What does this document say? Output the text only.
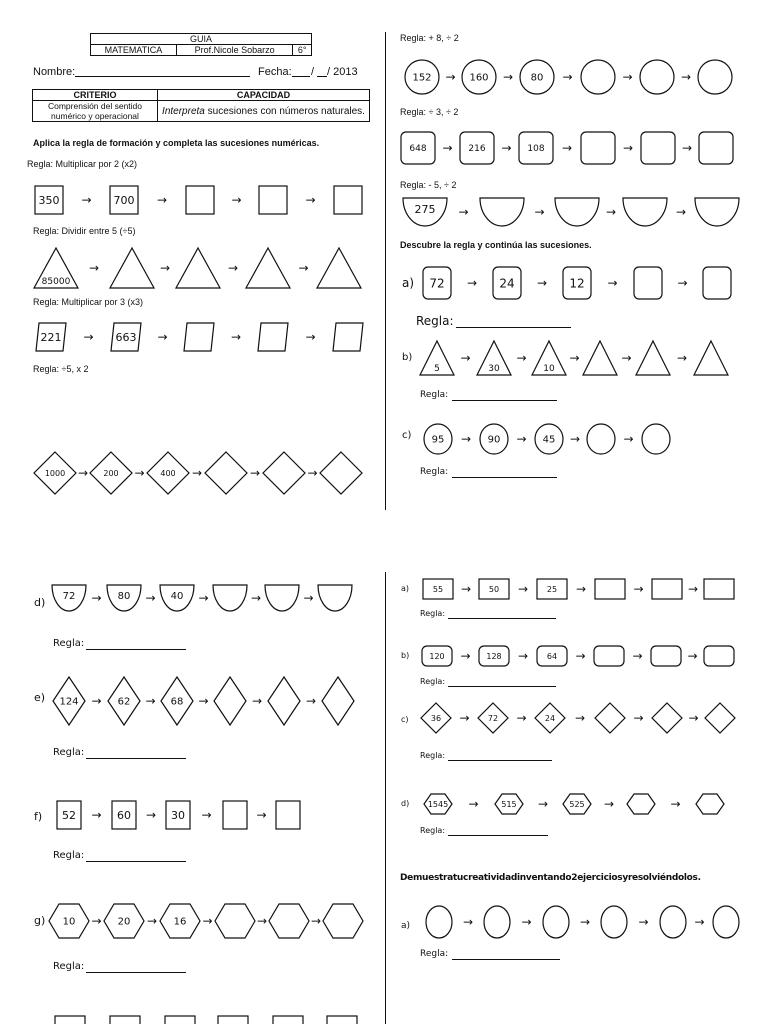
GUIA
MATEMATICA	Prof.Nicole Sobarzo	6°
Nombre:	Fecha: / / 2013
CRITERIO	CAPACIDAD
Comprensión del sentido numérico y operacional	Interpreta sucesiones con números naturales.
Aplica la regla de formación y completa las sucesiones numéricas.
Regla: Multiplicar por 2 (x2)
Regla: Dividir entre 5 (÷5)
Regla: Multiplicar por 3 (x3)
Regla: ÷5, x 2
Regla: + 8, ÷ 2
Regla: ÷ 3, ÷ 2
Regla: - 5, ÷ 2
Descubre la regla y continúa las sucesiones.
Regla:
Regla:
Regla:
Regla:
Regla:
Regla:
Regla:
Regla:
Regla:
Regla:
Regla:
Demuestratucreatividadinventando2ejerciciosyresolviéndolos.
Regla:
350 → 700 →	→	→
85000
→	→	→	→
221 → 663 →	→	→
1000 → 200 → 400 →	→	→
152 → 160 → 80 →	→	→
648 → 216 → 108 →	→	→
275 →	→	→	→
a) 72 → 24 → 12 →	→
b)
5
→
30
→
10
→	→	→
c) 95 → 90 → 45 →	→
d) 72 → 80 → 40 →	→	→
e) 124 → 62 → 68 →	→	→
f) 52 → 60 → 30 →	→
g) 10 → 20 → 16 →	→	→
a)	55 → 50 → 25 →	→	→
b)	120 → 128 → 64 →	→	→
c)	36 → 72 → 24 →	→	→
d) 1545 →	515 →	525 →	→
a)	→	→	→	→	→
